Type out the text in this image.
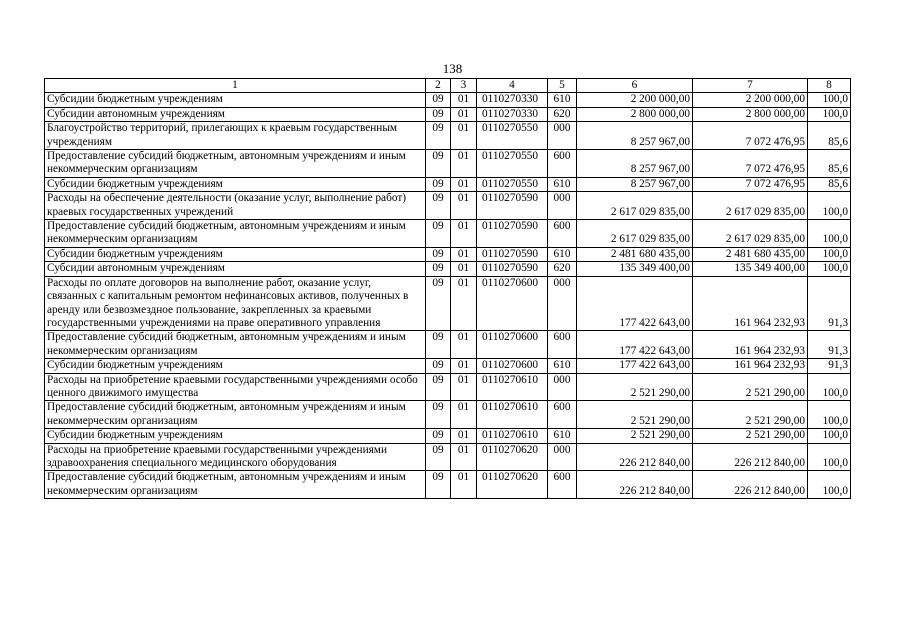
138
1	2	3	4	5	6	7	8
Субсидии бюджетным учреждениям	09	01	0110270330	610	2 200 000,00	2 200 000,00	100,0
Субсидии автономным учреждениям	09	01	0110270330	620	2 800 000,00	2 800 000,00	100,0
Благоустройство территорий, прилегающих к краевым государственным учреждениям	09	01	0110270550	000	8 257 967,00	7 072 476,95	85,6
Предоставление субсидий бюджетным, автономным учреждениям и иным некоммерческим организациям	09	01	0110270550	600	8 257 967,00	7 072 476,95	85,6
Субсидии бюджетным учреждениям	09	01	0110270550	610	8 257 967,00	7 072 476,95	85,6
Расходы на обеспечение деятельности (оказание услуг, выполнение работ) краевых государственных учреждений	09	01	0110270590	000	2 617 029 835,00	2 617 029 835,00	100,0
Предоставление субсидий бюджетным, автономным учреждениям и иным некоммерческим организациям	09	01	0110270590	600	2 617 029 835,00	2 617 029 835,00	100,0
Субсидии бюджетным учреждениям	09	01	0110270590	610	2 481 680 435,00	2 481 680 435,00	100,0
Субсидии автономным учреждениям	09	01	0110270590	620	135 349 400,00	135 349 400,00	100,0
Расходы по оплате договоров на выполнение работ, оказание услуг, связанных с капитальным ремонтом нефинансовых активов, полученных в аренду или безвозмездное пользование, закрепленных за краевыми государственными учреждениями на праве оперативного управления	09	01	0110270600	000	177 422 643,00	161 964 232,93	91,3
Предоставление субсидий бюджетным, автономным учреждениям и иным некоммерческим организациям	09	01	0110270600	600	177 422 643,00	161 964 232,93	91,3
Субсидии бюджетным учреждениям	09	01	0110270600	610	177 422 643,00	161 964 232,93	91,3
Расходы на приобретение краевыми государственными учреждениями особо ценного движимого имущества	09	01	0110270610	000	2 521 290,00	2 521 290,00	100,0
Предоставление субсидий бюджетным, автономным учреждениям и иным некоммерческим организациям	09	01	0110270610	600	2 521 290,00	2 521 290,00	100,0
Субсидии бюджетным учреждениям	09	01	0110270610	610	2 521 290,00	2 521 290,00	100,0
Расходы на приобретение краевыми государственными учреждениями здравоохранения специального медицинского оборудования	09	01	0110270620	000	226 212 840,00	226 212 840,00	100,0
Предоставление субсидий бюджетным, автономным учреждениям и иным некоммерческим организациям	09	01	0110270620	600	226 212 840,00	226 212 840,00	100,0
